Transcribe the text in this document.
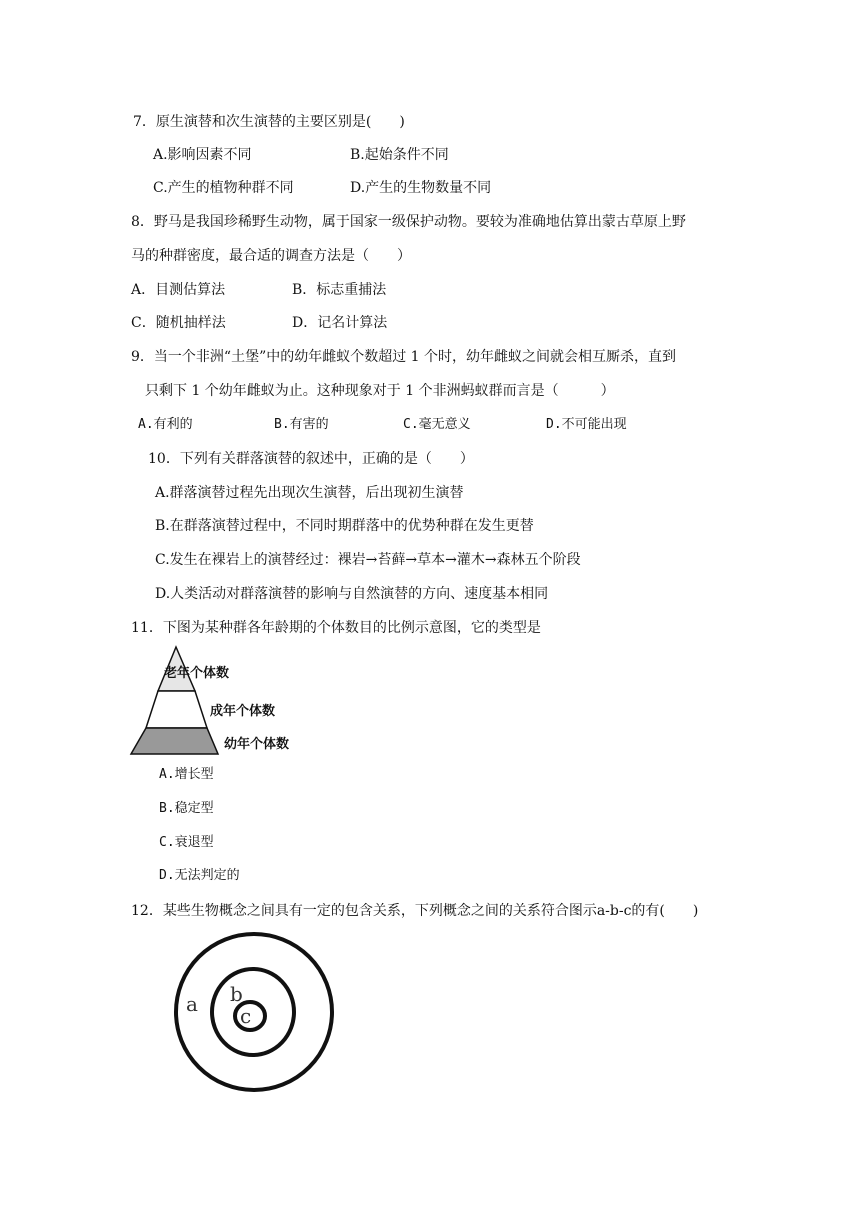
7．原生演替和次生演替的主要区别是(　　)
A.影响因素不同	B.起始条件不同
C.产生的植物种群不同	D.产生的生物数量不同
8．野马是我国珍稀野生动物，属于国家一级保护动物。要较为准确地估算出蒙古草原上野
马的种群密度，最合适的调查方法是（　　）
A．目测估算法	B．标志重捕法
C．随机抽样法	D．记名计算法
9．当一个非洲“土堡”中的幼年雌蚁个数超过 1 个时，幼年雌蚁之间就会相互厮杀，直到
只剩下 1 个幼年雌蚁为止。这种现象对于 1 个非洲蚂蚁群而言是（　　　）
A.有利的	B.有害的	C.毫无意义	D.不可能出现
10．下列有关群落演替的叙述中，正确的是（　　）
A.群落演替过程先出现次生演替，后出现初生演替
B.在群落演替过程中，不同时期群落中的优势种群在发生更替
C.发生在裸岩上的演替经过：裸岩→苔藓→草本→灌木→森林五个阶段
D.人类活动对群落演替的影响与自然演替的方向、速度基本相同
11．下图为某种群各年龄期的个体数目的比例示意图，它的类型是
老年个体数
成年个体数
幼年个体数
A.增长型
B.稳定型
C.衰退型
D.无法判定的
12．某些生物概念之间具有一定的包含关系，下列概念之间的关系符合图示a-b-c的有(　　)
a b
c
